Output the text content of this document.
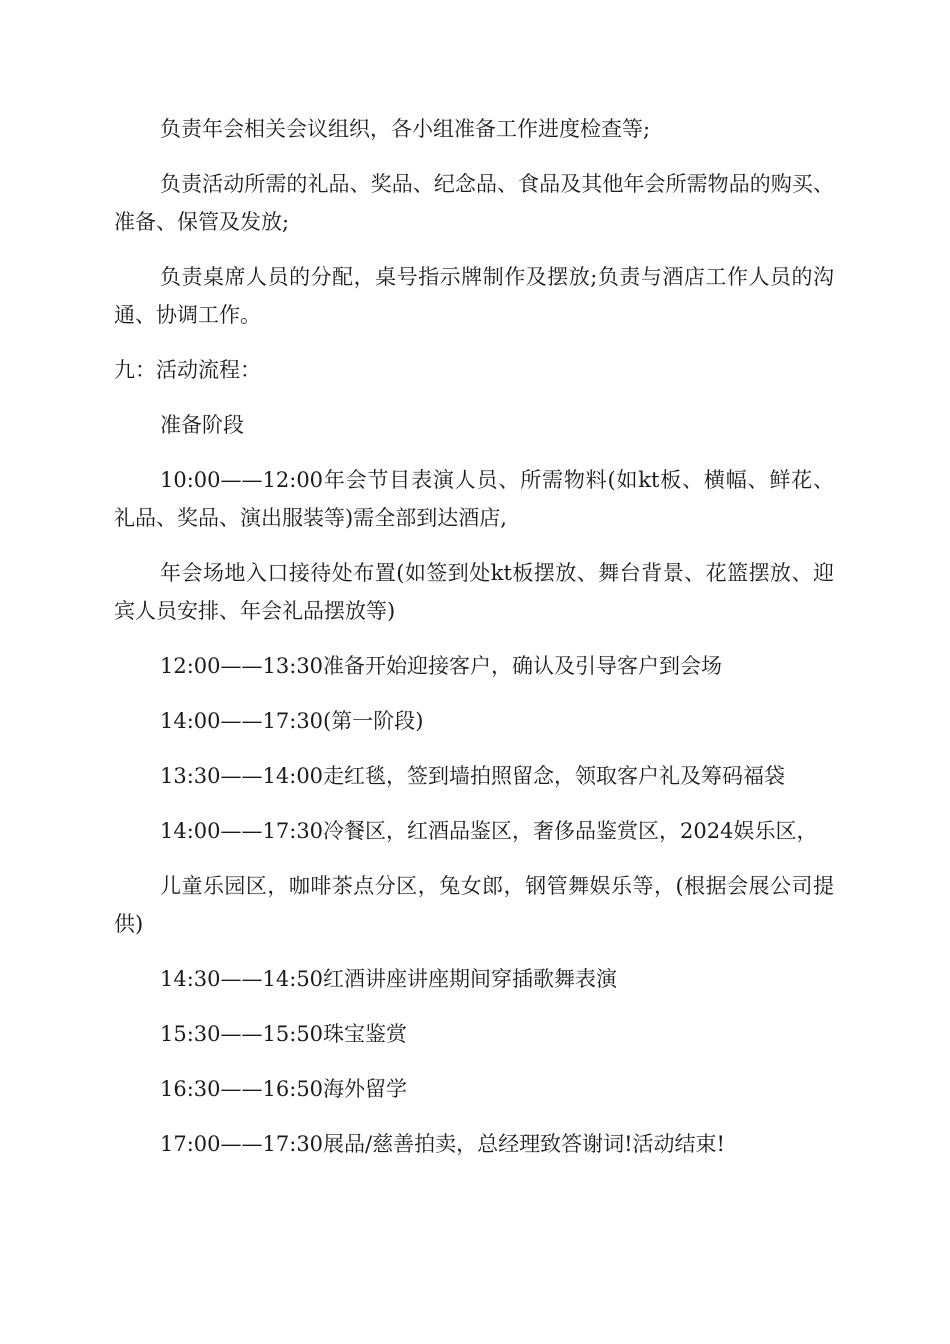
负责年会相关会议组织，各小组准备工作进度检查等;

负责活动所需的礼品、奖品、纪念品、食品及其他年会所需物品的购买、准备、保管及发放;

负责桌席人员的分配，桌号指示牌制作及摆放;负责与酒店工作人员的沟通、协调工作。

九：活动流程：

准备阶段

10:00——12:00年会节目表演人员、所需物料(如kt板、横幅、鲜花、礼品、奖品、演出服装等)需全部到达酒店,

年会场地入口接待处布置(如签到处kt板摆放、舞台背景、花篮摆放、迎宾人员安排、年会礼品摆放等)

12:00——13:30准备开始迎接客户，确认及引导客户到会场

14:00——17:30(第一阶段)

13:30——14:00走红毯，签到墙拍照留念，领取客户礼及筹码福袋

14:00——17:30冷餐区，红酒品鉴区，奢侈品鉴赏区，2024娱乐区，

儿童乐园区，咖啡茶点分区，兔女郎，钢管舞娱乐等，(根据会展公司提供)

14:30——14:50红酒讲座讲座期间穿插歌舞表演

15:30——15:50珠宝鉴赏

16:30——16:50海外留学

17:00——17:30展品/慈善拍卖，总经理致答谢词!活动结束!
